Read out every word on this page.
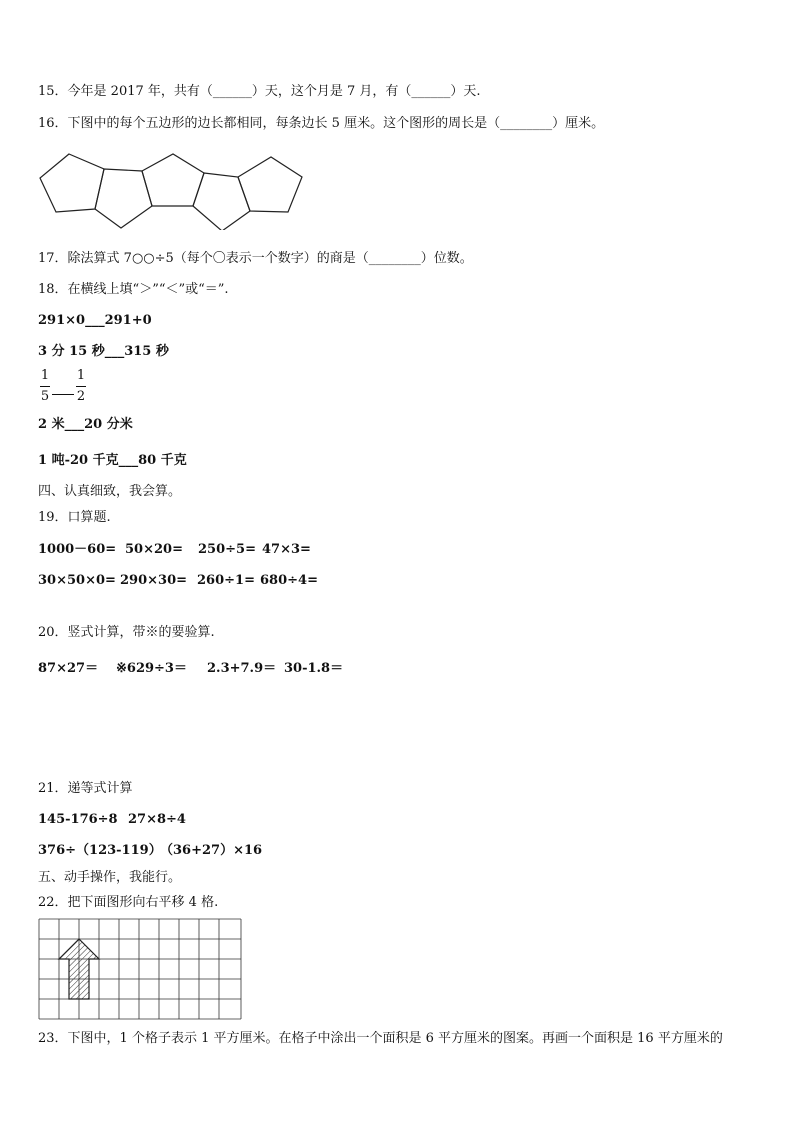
15．今年是 2017 年，共有（______）天，这个月是 7 月，有（______）天.
16．下图中的每个五边形的边长都相同，每条边长 5 厘米。这个图形的周长是（________）厘米。
17．除法算式 7○○÷5（每个〇表示一个数字）的商是（________）位数。
18．在横线上填“＞”“＜”或“＝”.
291×0___291+0
3 分 15 秒___315 秒
1
5
1
2
2 米___20 分米
1 吨-20 千克___80 千克
四、认真细致，我会算。
19．口算题.
1000－60= 50×20= 250÷5= 47×3=
30×50×0= 290×30= 260÷1= 680÷4=
20．竖式计算，带※的要验算.
87×27＝ ※629÷3＝ 2.3+7.9＝ 30-1.8＝
21．递等式计算
145-176÷8 27×8÷4
376÷（123-119）
（36+27）×16
五、动手操作，我能行。
22．把下面图形向右平移 4 格.
23．下图中，1 个格子表示 1 平方厘米。在格子中涂出一个面积是 6 平方厘米的图案。再画一个面积是 16 平方厘米的
